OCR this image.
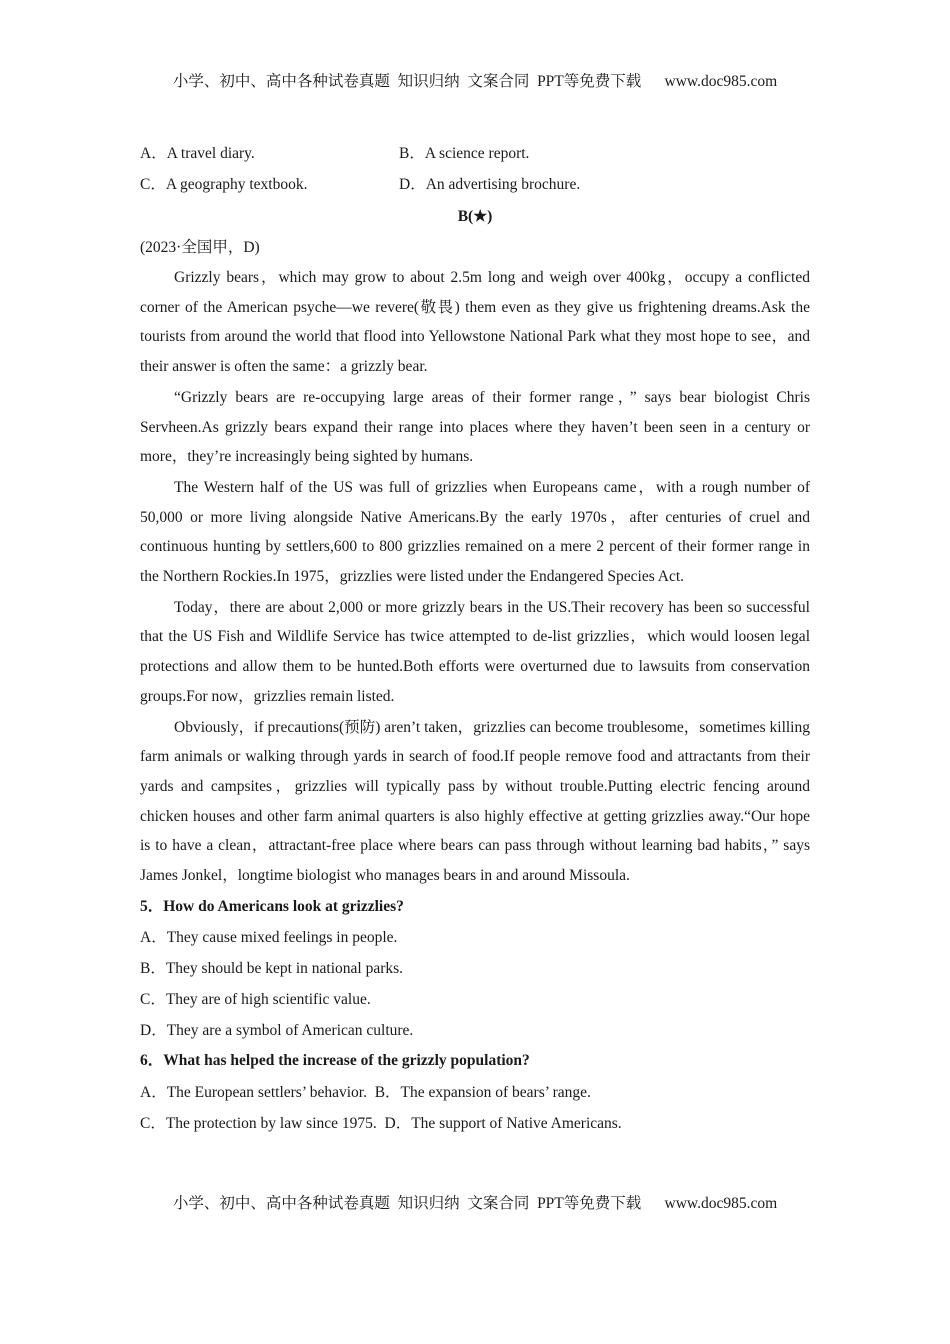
小学、初中、高中各种试卷真题  知识归纳  文案合同  PPT等免费下载      www.doc985.com
A．A travel diary.	B．A science report.
C．A geography textbook.	D．An advertising brochure.
B(★)
(2023·全国甲，D)

Grizzly bears，which may grow to about 2.5m long and weigh over 400kg，occupy a conflicted corner of the American psyche—we revere(敬畏) them even as they give us frightening dreams.Ask the tourists from around the world that flood into Yellowstone National Park what they most hope to see，and their answer is often the same：a grizzly bear.

“Grizzly bears are re-occupying large areas of their former range，” says bear biologist Chris Servheen.As grizzly bears expand their range into places where they haven’t been seen in a century or more，they’re increasingly being sighted by humans.

The Western half of the US was full of grizzlies when Europeans came，with a rough number of 50,000 or more living alongside Native Americans.By the early 1970s，after centuries of cruel and continuous hunting by settlers,600 to 800 grizzlies remained on a mere 2 percent of their former range in the Northern Rockies.In 1975，grizzlies were listed under the Endangered Species Act.

Today，there are about 2,000 or more grizzly bears in the US.Their recovery has been so successful that the US Fish and Wildlife Service has twice attempted to de-list grizzlies，which would loosen legal protections and allow them to be hunted.Both efforts were overturned due to lawsuits from conservation groups.For now，grizzlies remain listed.

Obviously，if precautions(预防) aren’t taken，grizzlies can become troublesome，sometimes killing farm animals or walking through yards in search of food.If people remove food and attractants from their yards and campsites，grizzlies will typically pass by without trouble.Putting electric fencing around chicken houses and other farm animal quarters is also highly effective at getting grizzlies away.“Our hope is to have a clean，attractant-free place where bears can pass through without learning bad habits，” says James Jonkel，longtime biologist who manages bears in and around Missoula.

5．How do Americans look at grizzlies?
A．They cause mixed feelings in people.
B．They should be kept in national parks.
C．They are of high scientific value.
D．They are a symbol of American culture.
6．What has helped the increase of the grizzly population?
A．The European settlers’ behavior.  B．The expansion of bears’ range.
C．The protection by law since 1975.  D．The support of Native Americans.
小学、初中、高中各种试卷真题  知识归纳  文案合同  PPT等免费下载      www.doc985.com
